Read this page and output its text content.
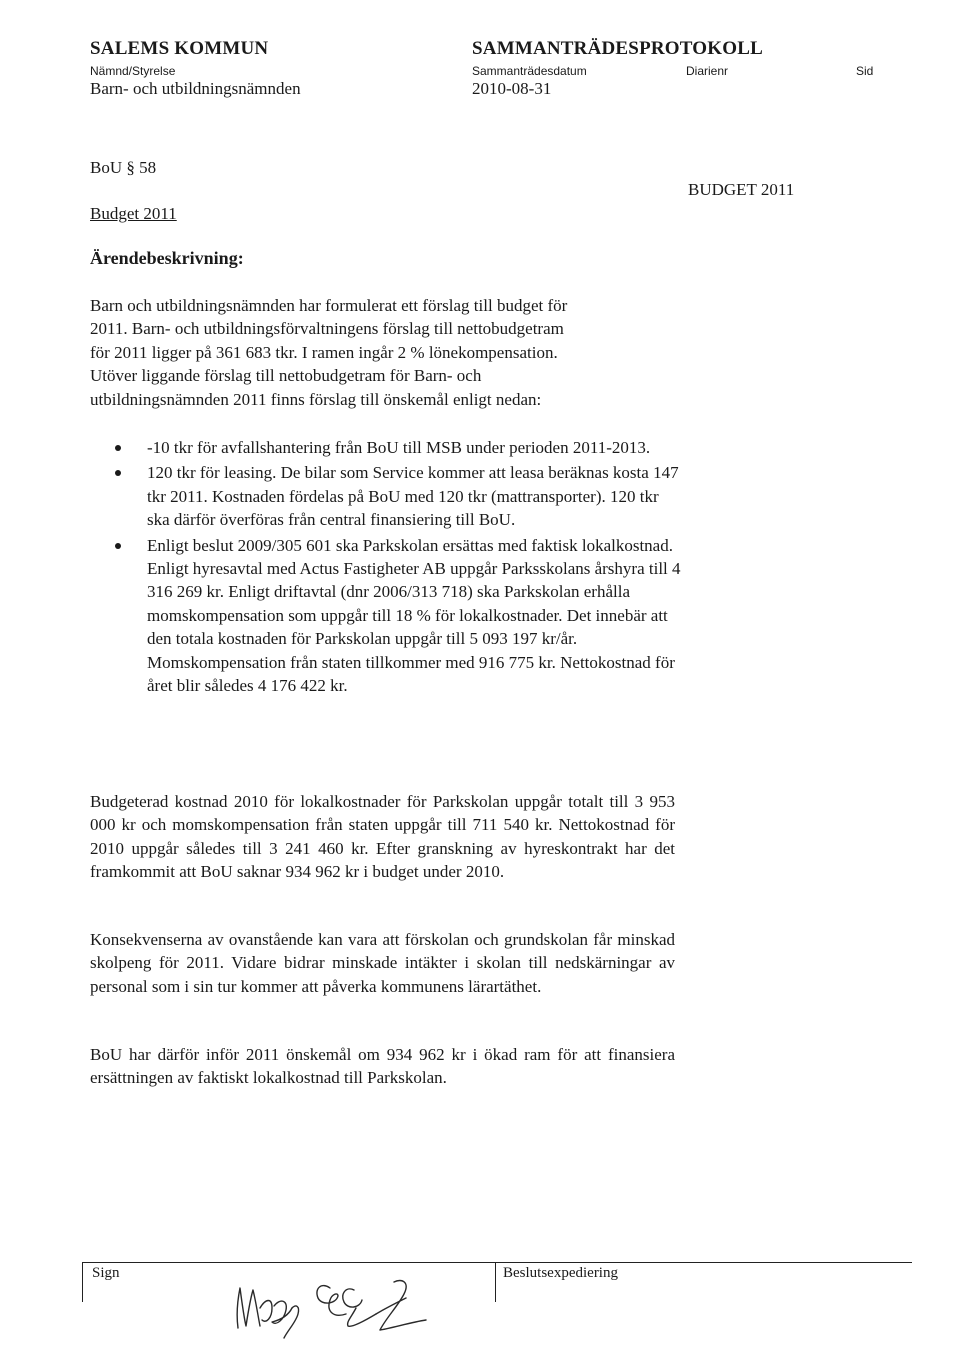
SALEMS KOMMUN	SAMMANTRÄDESPROTOKOLL
Nämnd/Styrelse	Sammanträdesdatum	Diarienr	Sid
Barn- och utbildningsnämnden	2010-08-31
BoU § 58
BUDGET 2011
Budget 2011
Ärendebeskrivning:

Barn och utbildningsnämnden har formulerat ett förslag till budget för

2011. Barn- och utbildningsförvaltningens förslag till nettobudgetram

för 2011 ligger på 361 683 tkr. I ramen ingår 2 % lönekompensation.

Utöver liggande förslag till nettobudgetram för Barn- och

utbildningsnämnden 2011 finns förslag till önskemål enligt nedan:

-10 tkr för avfallshantering från BoU till MSB under perioden 2011-2013.
120 tkr för leasing. De bilar som Service kommer att leasa beräknas kosta 147 tkr 2011. Kostnaden fördelas på BoU med 120 tkr (mattransporter). 120 tkr ska därför överföras från central finansiering till BoU.
Enligt beslut 2009/305 601 ska Parkskolan ersättas med faktisk lokalkostnad. Enligt hyresavtal med Actus Fastigheter AB uppgår Parksskolans årshyra till 4 316 269 kr. Enligt driftavtal (dnr 2006/313 718) ska Parkskolan erhålla momskompensation som uppgår till 18 % för lokalkostnader. Det innebär att den totala kostnaden för Parkskolan uppgår till 5 093 197 kr/år. Momskompensation från staten tillkommer med 916 775 kr. Nettokostnad för året blir således 4 176 422 kr.

Budgeterad kostnad 2010 för lokalkostnader för Parkskolan uppgår totalt till 3 953 000 kr och momskompensation från staten uppgår till 711 540 kr. Nettokostnad för 2010 uppgår således till 3 241 460 kr. Efter granskning av hyreskontrakt har det framkommit att BoU saknar 934 962 kr i budget under 2010.

Konsekvenserna av ovanstående kan vara att förskolan och grundskolan får minskad skolpeng för 2011. Vidare bidrar minskade intäkter i skolan till nedskärningar av personal som i sin tur kommer att påverka kommunens lärartäthet.

BoU har därför inför 2011 önskemål om 934 962 kr i ökad ram för att finansiera ersättningen av faktiskt lokalkostnad till Parkskolan.

Sign	Beslutsexpediering
